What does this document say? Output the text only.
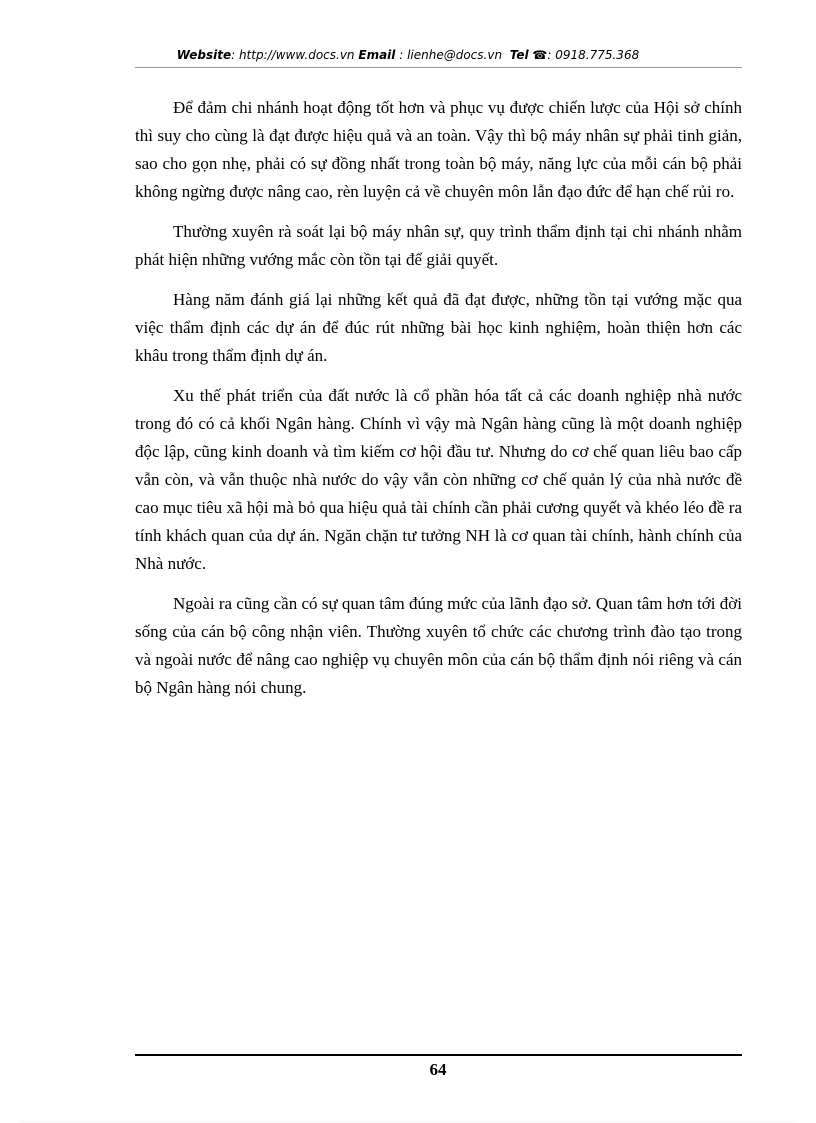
Website: http://www.docs.vn Email : lienhe@docs.vn Tel ☎: 0918.775.368

Để đảm chi nhánh hoạt động tốt hơn và phục vụ được chiến lược của Hội sở chính thì suy cho cùng là đạt được hiệu quả và an toàn. Vậy thì bộ máy nhân sự phải tinh giản, sao cho gọn nhẹ, phải có sự đồng nhất trong toàn bộ máy, năng lực của mỗi cán bộ phải không ngừng được nâng cao, rèn luyện cả về chuyên môn lẫn đạo đức để hạn chế rủi ro.

Thường xuyên rà soát lại bộ máy nhân sự, quy trình thẩm định tại chi nhánh nhằm phát hiện những vướng mắc còn tồn tại để giải quyết.

Hàng năm đánh giá lại những kết quả đã đạt được, những tồn tại vướng mặc qua việc thẩm định các dự án để đúc rút những bài học kinh nghiệm, hoàn thiện hơn các khâu trong thẩm định dự án.

Xu thế phát triển của đất nước là cổ phần hóa tất cả các doanh nghiệp nhà nước trong đó có cả khối Ngân hàng. Chính vì vậy mà Ngân hàng cũng là một doanh nghiệp độc lập, cũng kinh doanh và tìm kiếm cơ hội đầu tư. Nhưng do cơ chế quan liêu bao cấp vẫn còn, và vẫn thuộc nhà nước do vậy vẫn còn những cơ chế quản lý của nhà nước đề cao mục tiêu xã hội mà bỏ qua hiệu quả tài chính cần phải cương quyết và khéo léo đề ra tính khách quan của dự án. Ngăn chặn tư tưởng NH là cơ quan tài chính, hành chính của Nhà nước.

Ngoài ra cũng cần có sự quan tâm đúng mức của lãnh đạo sở. Quan tâm hơn tới đời sống của cán bộ công nhận viên. Thường xuyên tổ chức các chương trình đào tạo trong và ngoài nước để nâng cao nghiệp vụ chuyên môn của cán bộ thẩm định nói riêng và cán bộ Ngân hàng nói chung.

64
